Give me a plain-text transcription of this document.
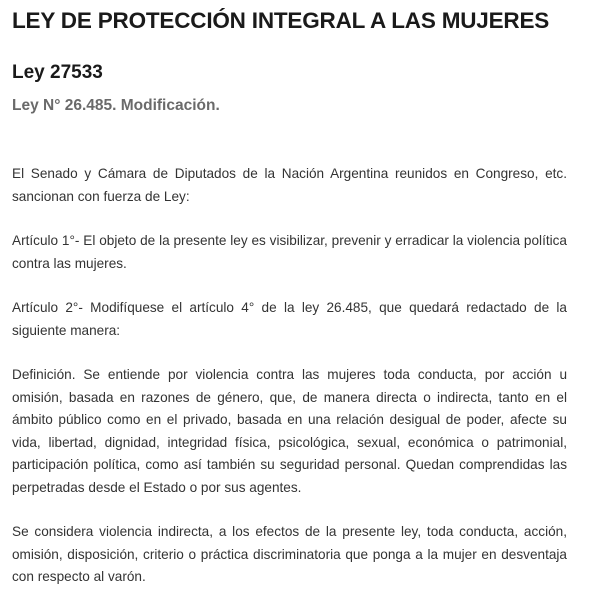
LEY DE PROTECCIÓN INTEGRAL A LAS MUJERES
Ley 27533
Ley N° 26.485. Modificación.

El Senado y Cámara de Diputados de la Nación Argentina reunidos en Congreso, etc. sancionan con fuerza de Ley:

Artículo 1°- El objeto de la presente ley es visibilizar, prevenir y erradicar la violencia política contra las mujeres.

Artículo 2°- Modifíquese el artículo 4° de la ley 26.485, que quedará redactado de la siguiente manera:

Definición. Se entiende por violencia contra las mujeres toda conducta, por acción u omisión, basada en razones de género, que, de manera directa o indirecta, tanto en el ámbito público como en el privado, basada en una relación desigual de poder, afecte su vida, libertad, dignidad, integridad física, psicológica, sexual, económica o patrimonial, participación política, como así también su seguridad personal. Quedan comprendidas las perpetradas desde el Estado o por sus agentes.

Se considera violencia indirecta, a los efectos de la presente ley, toda conducta, acción, omisión, disposición, criterio o práctica discriminatoria que ponga a la mujer en desventaja con respecto al varón.
